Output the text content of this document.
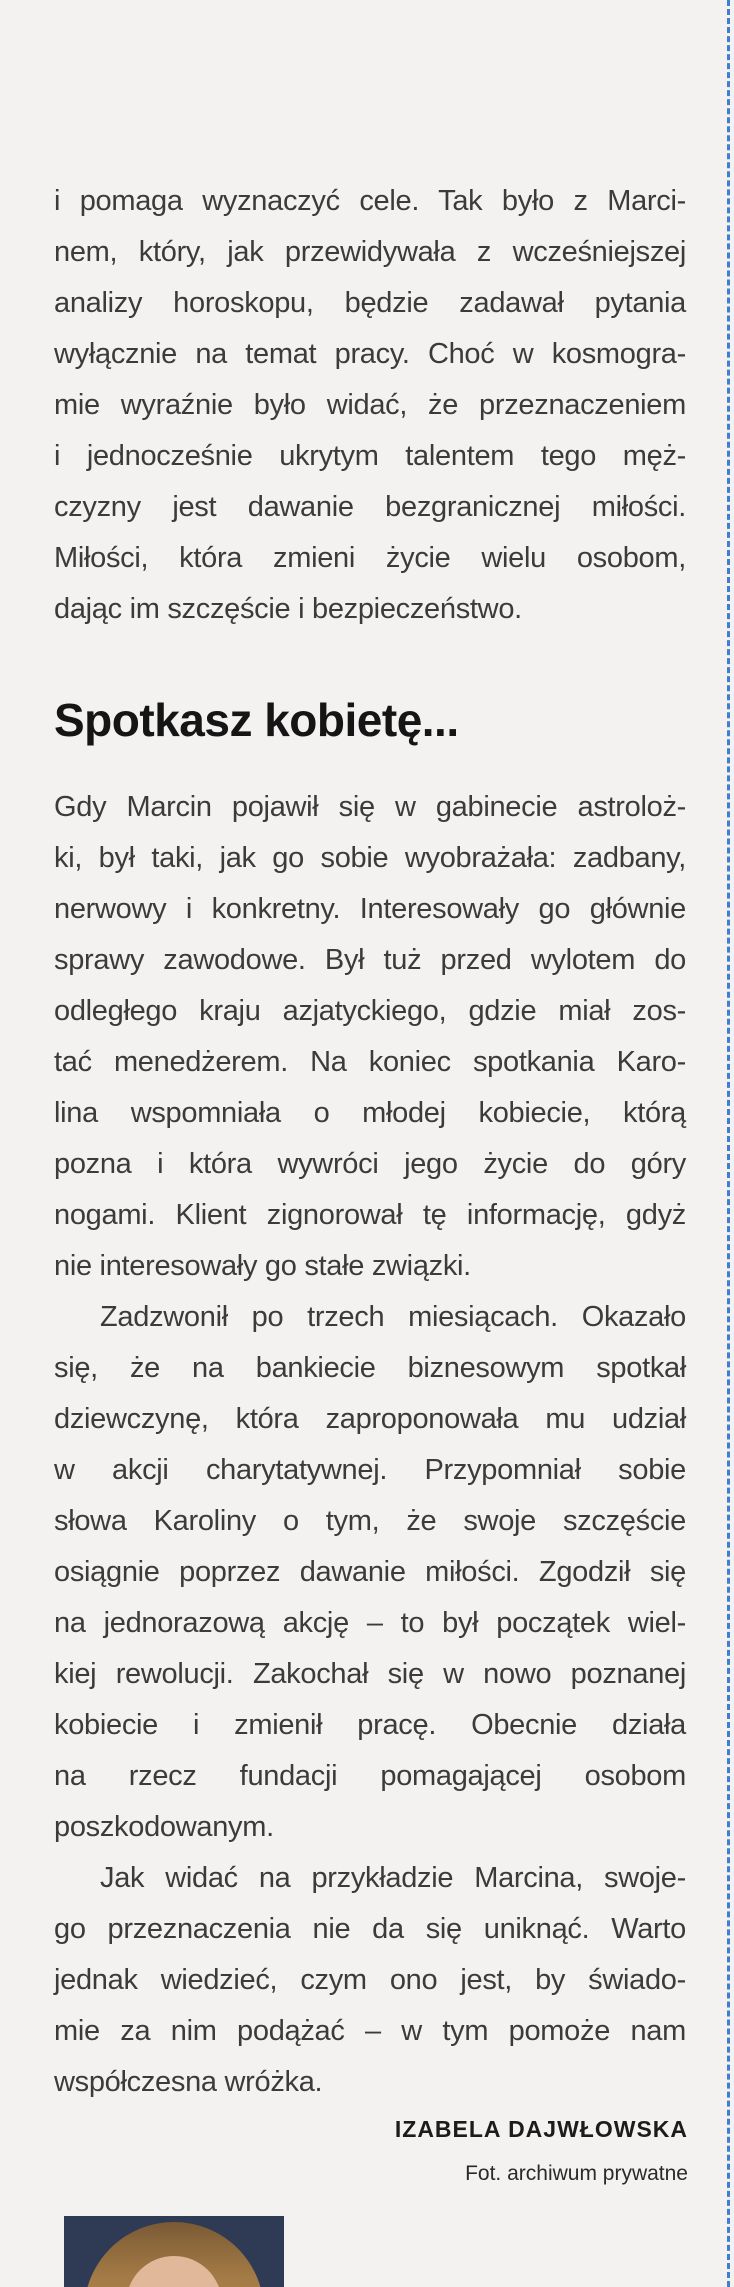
i pomaga wyznaczyć cele. Tak było z Marci-
nem, który, jak przewidywała z wcześniejszej
analizy horoskopu, będzie zadawał pytania
wyłącznie na temat pracy. Choć w kosmogra-
mie wyraźnie było widać, że przeznaczeniem
i jednocześnie ukrytym talentem tego męż-
czyzny jest dawanie bezgranicznej miłości.
Miłości, która zmieni życie wielu osobom,
dając im szczęście i bezpieczeństwo.
Spotkasz kobietę...
Gdy Marcin pojawił się w gabinecie astroloż-
ki, był taki, jak go sobie wyobrażała: zadbany,
nerwowy i konkretny. Interesowały go głównie
sprawy zawodowe. Był tuż przed wylotem do
odległego kraju azjatyckiego, gdzie miał zos-
tać menedżerem. Na koniec spotkania Karo-
lina wspomniała o młodej kobiecie, którą
pozna i która wywróci jego życie do góry
nogami. Klient zignorował tę informację, gdyż
nie interesowały go stałe związki.
Zadzwonił po trzech miesiącach. Okazało
się, że na bankiecie biznesowym spotkał
dziewczynę, która zaproponowała mu udział
w akcji charytatywnej. Przypomniał sobie
słowa Karoliny o tym, że swoje szczęście
osiągnie poprzez dawanie miłości. Zgodził się
na jednorazową akcję – to był początek wiel-
kiej rewolucji. Zakochał się w nowo poznanej
kobiecie i zmienił pracę. Obecnie działa
na rzecz fundacji pomagającej osobom
poszkodowanym.
Jak widać na przykładzie Marcina, swoje-
go przeznaczenia nie da się uniknąć. Warto
jednak wiedzieć, czym ono jest, by świado-
mie za nim podążać – w tym pomoże nam
współczesna wróżka.
IZABELA DAJWŁOWSKA
Fot. archiwum prywatne
